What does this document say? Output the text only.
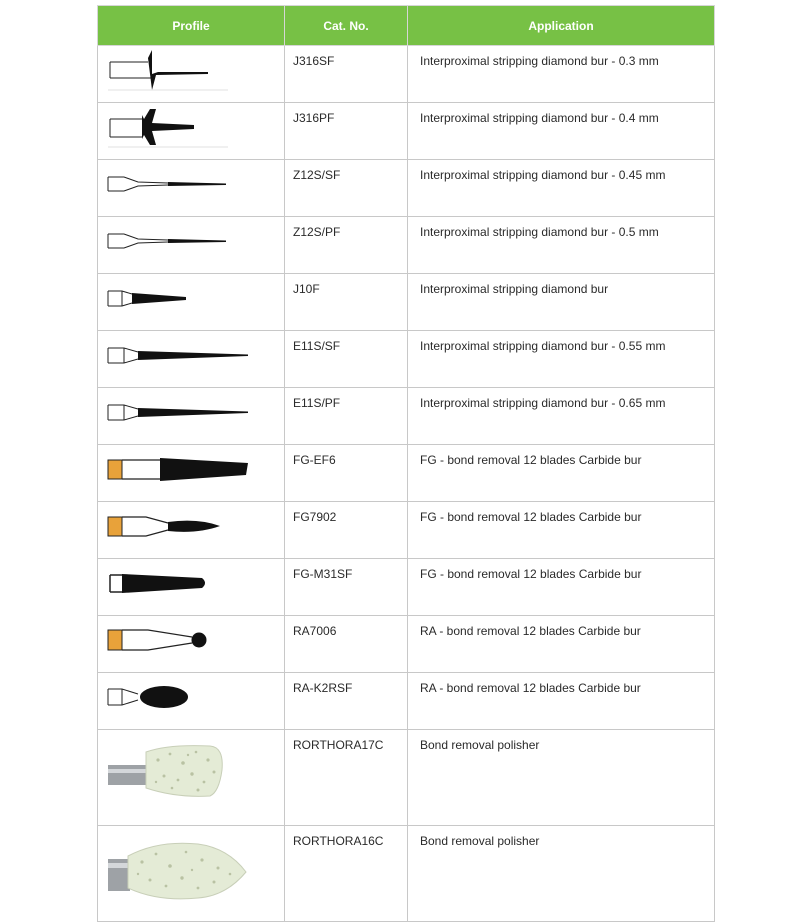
Profile	Cat. No.	Application

	J316SF	Interproximal stripping diamond bur - 0.3 mm

	J316PF	Interproximal stripping diamond bur - 0.4 mm

	Z12S/SF	Interproximal stripping diamond bur - 0.45 mm

	Z12S/PF	Interproximal stripping diamond bur - 0.5 mm

	J10F	Interproximal stripping diamond bur

	E11S/SF	Interproximal stripping diamond bur - 0.55 mm

	E11S/PF	Interproximal stripping diamond bur - 0.65 mm

	FG-EF6	FG - bond removal 12 blades Carbide bur

	FG7902	FG - bond removal 12 blades Carbide bur

	FG-M31SF	FG - bond removal 12 blades Carbide bur

	RA7006	RA - bond removal 12 blades Carbide bur

	RA-K2RSF	RA - bond removal 12 blades Carbide bur

	RORTHORA17C	Bond removal polisher

	RORTHORA16C	Bond removal polisher
